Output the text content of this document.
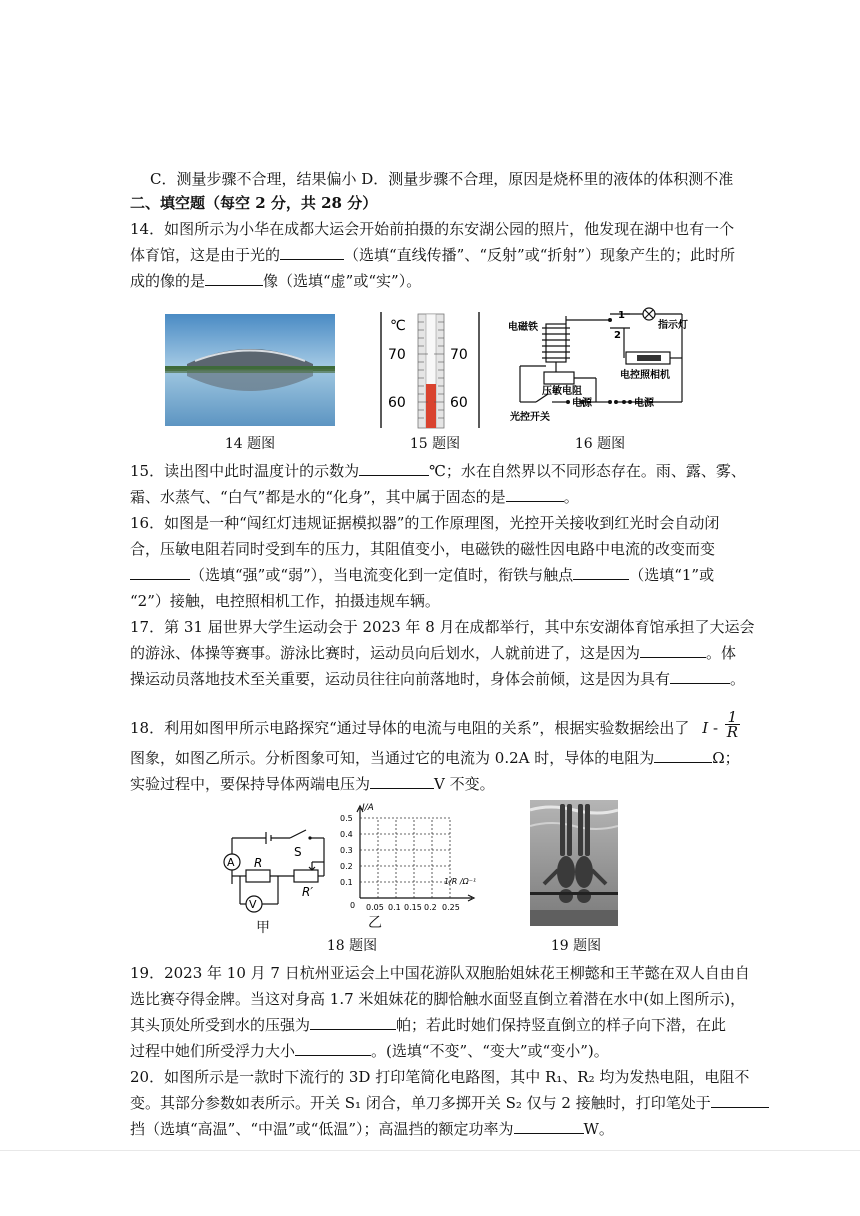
C．测量步骤不合理，结果偏小 D．测量步骤不合理，原因是烧杯里的液体的体积测不准
二、填空题（每空 2 分，共 28 分）
14．如图所示为小华在成都大运会开始前拍摄的东安湖公园的照片，他发现在湖中也有一个
体育馆，这是由于光的	（选填“直线传播”、“反射”或“折射”）现象产生的；此时所
成的像的是	像（选填“虚”或“实”）。
℃
70
60
70
60
电磁铁
1
2
指示灯
电控照相机
压敏电阻
光控开关
电源	电源
14 题图	15 题图	16 题图
15．读出图中此时温度计的示数为	℃；水在自然界以不同形态存在。雨、露、雾、
霜、水蒸气、“白气”都是水的“化身”，其中属于固态的是	。
16．如图是一种“闯红灯违规证据模拟器”的工作原理图，光控开关接收到红光时会自动闭
合，压敏电阻若同时受到车的压力，其阻值变小，电磁铁的磁性因电路中电流的改变而变
（选填“强”或“弱”），当电流变化到一定值时，衔铁与触点	（选填“1”或
“2”）接触，电控照相机工作，拍摄违规车辆。
17．第 31 届世界大学生运动会于 2023 年 8 月在成都举行，其中东安湖体育馆承担了大运会
的游泳、体操等赛事。游泳比赛时，运动员向后划水，人就前进了，这是因为	。体
操运动员落地技术至关重要，运动员往往向前落地时，身体会前倾，这是因为具有	。
18．利用如图甲所示电路探究“通过导体的电流与电阻的关系”，根据实验数据绘出了 I - $\frac{1}{R}$
图象，如图乙所示。分析图象可知，当通过它的电流为 0.2A 时，导体的电阻为	Ω；
实验过程中，要保持导体两端电压为	V 不变。
A
V
S
R
R′
甲
I/A
0.5
0.4
0.3
0.2
0.1
0 0.05 0.1 0.15 0.2 0.25
1/R /Ω⁻¹
乙
18 题图	19 题图
19．2023 年 10 月 7 日杭州亚运会上中国花游队双胞胎姐妹花王柳懿和王芊懿在双人自由自
选比赛夺得金牌。当这对身高 1.7 米姐妹花的脚恰触水面竖直倒立着潜在水中(如上图所示)，
其头顶处所受到水的压强为	帕；若此时她们保持竖直倒立的样子向下潜，在此
过程中她们所受浮力大小	。(选填“不变”、“变大”或“变小”)。
20．如图所示是一款时下流行的 3D 打印笔简化电路图，其中 R₁、R₂ 均为发热电阻，电阻不
变。其部分参数如表所示。开关 S₁ 闭合，单刀多掷开关 S₂ 仅与 2 接触时，打印笔处于
挡（选填“高温”、“中温”或“低温”）；高温挡的额定功率为	W。
